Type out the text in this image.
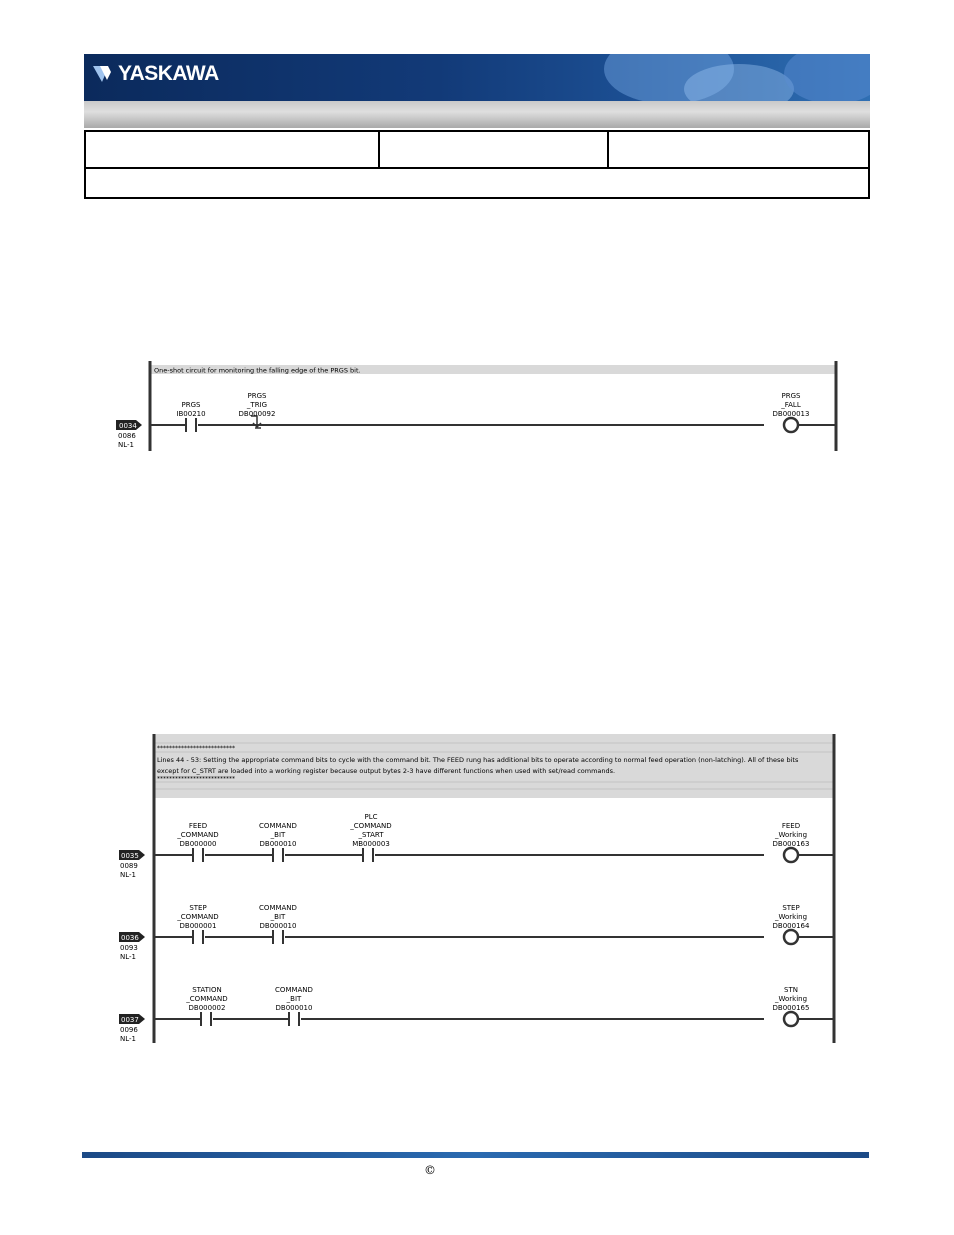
YASKAWA
One-shot circuit for monitoring the falling edge of the PRGS bit.
0034
0086
NL-1
PRGS
IB00210
PRGS
_TRIG
DB000092
PRGS
_FALL
DB000013
**************************
Lines 44 - 53: Setting the appropriate command bits to cycle with the command bit. The FEED rung has additional bits to operate according to normal feed operation (non-latching). All of these bits
except for C_STRT are loaded into a working register because output bytes 2-3 have different functions when used with set/read commands.
**************************
0035
0089
NL-1
FEED
_COMMAND
DB000000
COMMAND
_BIT
DB000010
PLC
_COMMAND
_START
MB000003
FEED
_Working
DB000163
0036
0093
NL-1
STEP
_COMMAND
DB000001
COMMAND
_BIT
DB000010
STEP
_Working
DB000164
0037
0096
NL-1
STATION
_COMMAND
DB000002
COMMAND
_BIT
DB000010
STN
_Working
DB000165
©
